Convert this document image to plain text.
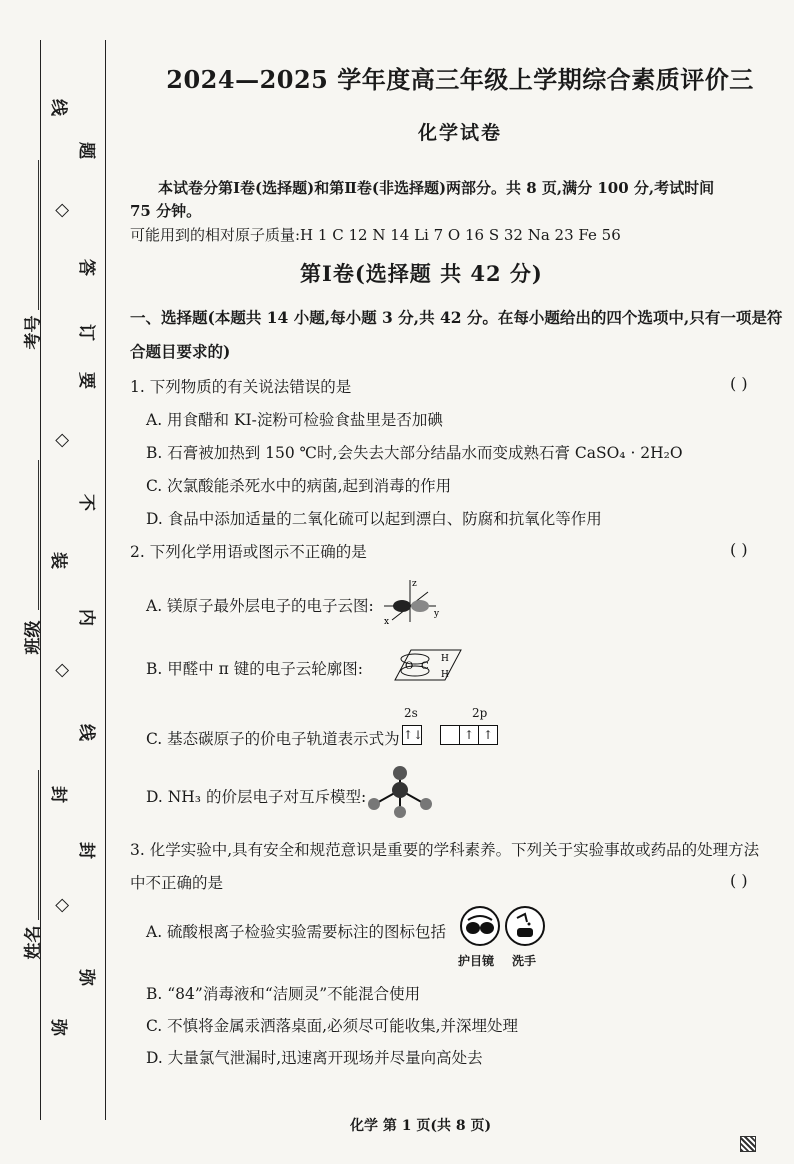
线
题
◇
答
订
要
◇
不
装
内
◇
线
封
封
◇
弥
弥
考号
班级
姓名
2024—2025 学年度高三年级上学期综合素质评价三
化学试卷
本试卷分第Ⅰ卷(选择题)和第Ⅱ卷(非选择题)两部分。共 8 页,满分 100 分,考试时间
75 分钟。
可能用到的相对原子质量:H 1 C 12 N 14 Li 7 O 16 S 32 Na 23 Fe 56
第Ⅰ卷(选择题 共 42 分)
一、选择题(本题共 14 小题,每小题 3 分,共 42 分。在每小题给出的四个选项中,只有一项是符
合题目要求的)
1. 下列物质的有关说法错误的是	( )
A. 用食醋和 KI-淀粉可检验食盐里是否加碘
B. 石膏被加热到 150 ℃时,会失去大部分结晶水而变成熟石膏 CaSO₄ · 2H₂O
C. 次氯酸能杀死水中的病菌,起到消毒的作用
D. 食品中添加适量的二氧化硫可以起到漂白、防腐和抗氧化等作用
2. 下列化学用语或图示不正确的是	( )
A. 镁原子最外层电子的电子云图:
z
y
x
B. 甲醛中 π 键的电子云轮廓图:	O C
H
H
C. 基态碳原子的价电子轨道表示式为
2s	2p
↑↓	↑ ↑
D. NH₃ 的价层电子对互斥模型:
3. 化学实验中,具有安全和规范意识是重要的学科素养。下列关于实验事故或药品的处理方法
中不正确的是	( )
A. 硫酸根离子检验实验需要标注的图标包括
护目镜 洗手
B. “84”消毒液和“洁厕灵”不能混合使用
C. 不慎将金属汞洒落桌面,必须尽可能收集,并深埋处理
D. 大量氯气泄漏时,迅速离开现场并尽量向高处去
化学 第 1 页(共 8 页)
